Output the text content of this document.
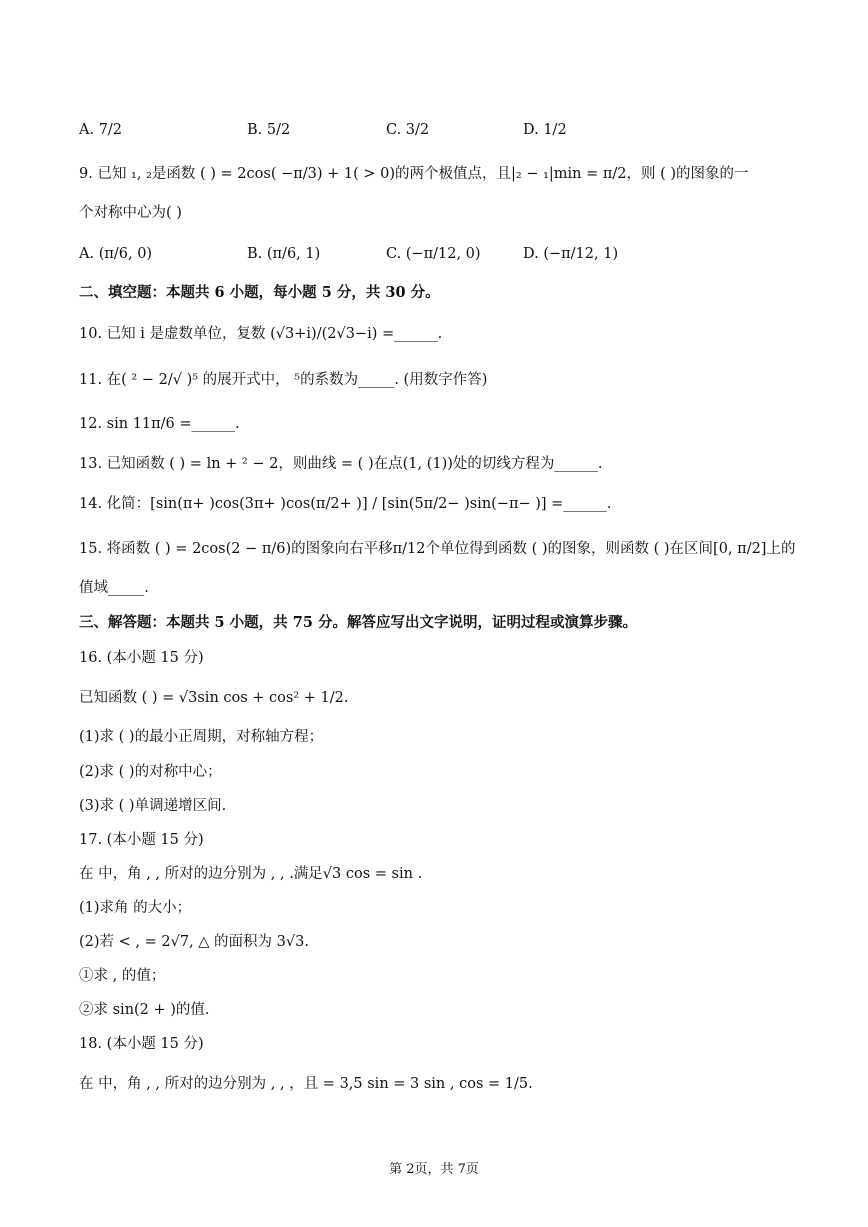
A. 7/2	B. 5/2	C. 3/2	D. 1/2
9. 已知 ₁, ₂是函数 ( ) = 2cos( −π/3) + 1( > 0)的两个极值点，且|₂ − ₁|min = π/2，则 ( )的图象的一
个对称中心为( )
A. (π/6, 0)	B. (π/6, 1)	C. (−π/12, 0)	D. (−π/12, 1)
二、填空题：本题共 6 小题，每小题 5 分，共 30 分。
10. 已知 i 是虚数单位，复数 (√3+i)/(2√3−i) =______.
11. 在( ² − 2/√ )⁵ 的展开式中， ⁵的系数为_____. (用数字作答)
12. sin 11π/6 =______.
13. 已知函数 ( ) = ln + ² − 2，则曲线 = ( )在点(1, (1))处的切线方程为______.
14. 化简：[sin(π+ )cos(3π+ )cos(π/2+ )] / [sin(5π/2− )sin(−π− )] =______.
15. 将函数 ( ) = 2cos(2 − π/6)的图象向右平移π/12个单位得到函数 ( )的图象，则函数 ( )在区间[0, π/2]上的
值域_____.
三、解答题：本题共 5 小题，共 75 分。解答应写出文字说明，证明过程或演算步骤。
16. (本小题 15 分)
已知函数 ( ) = √3sin cos + cos² + 1/2.
(1)求 ( )的最小正周期，对称轴方程；
(2)求 ( )的对称中心；
(3)求 ( )单调递增区间.
17. (本小题 15 分)
在 中，角 , , 所对的边分别为 , , .满足√3 cos = sin .
(1)求角 的大小；
(2)若 < , = 2√7, △ 的面积为 3√3.
①求 , 的值；
②求 sin(2 + )的值.
18. (本小题 15 分)
在 中，角 , , 所对的边分别为 , , ，且 = 3,5 sin = 3 sin , cos = 1/5.
第 2页，共 7页
